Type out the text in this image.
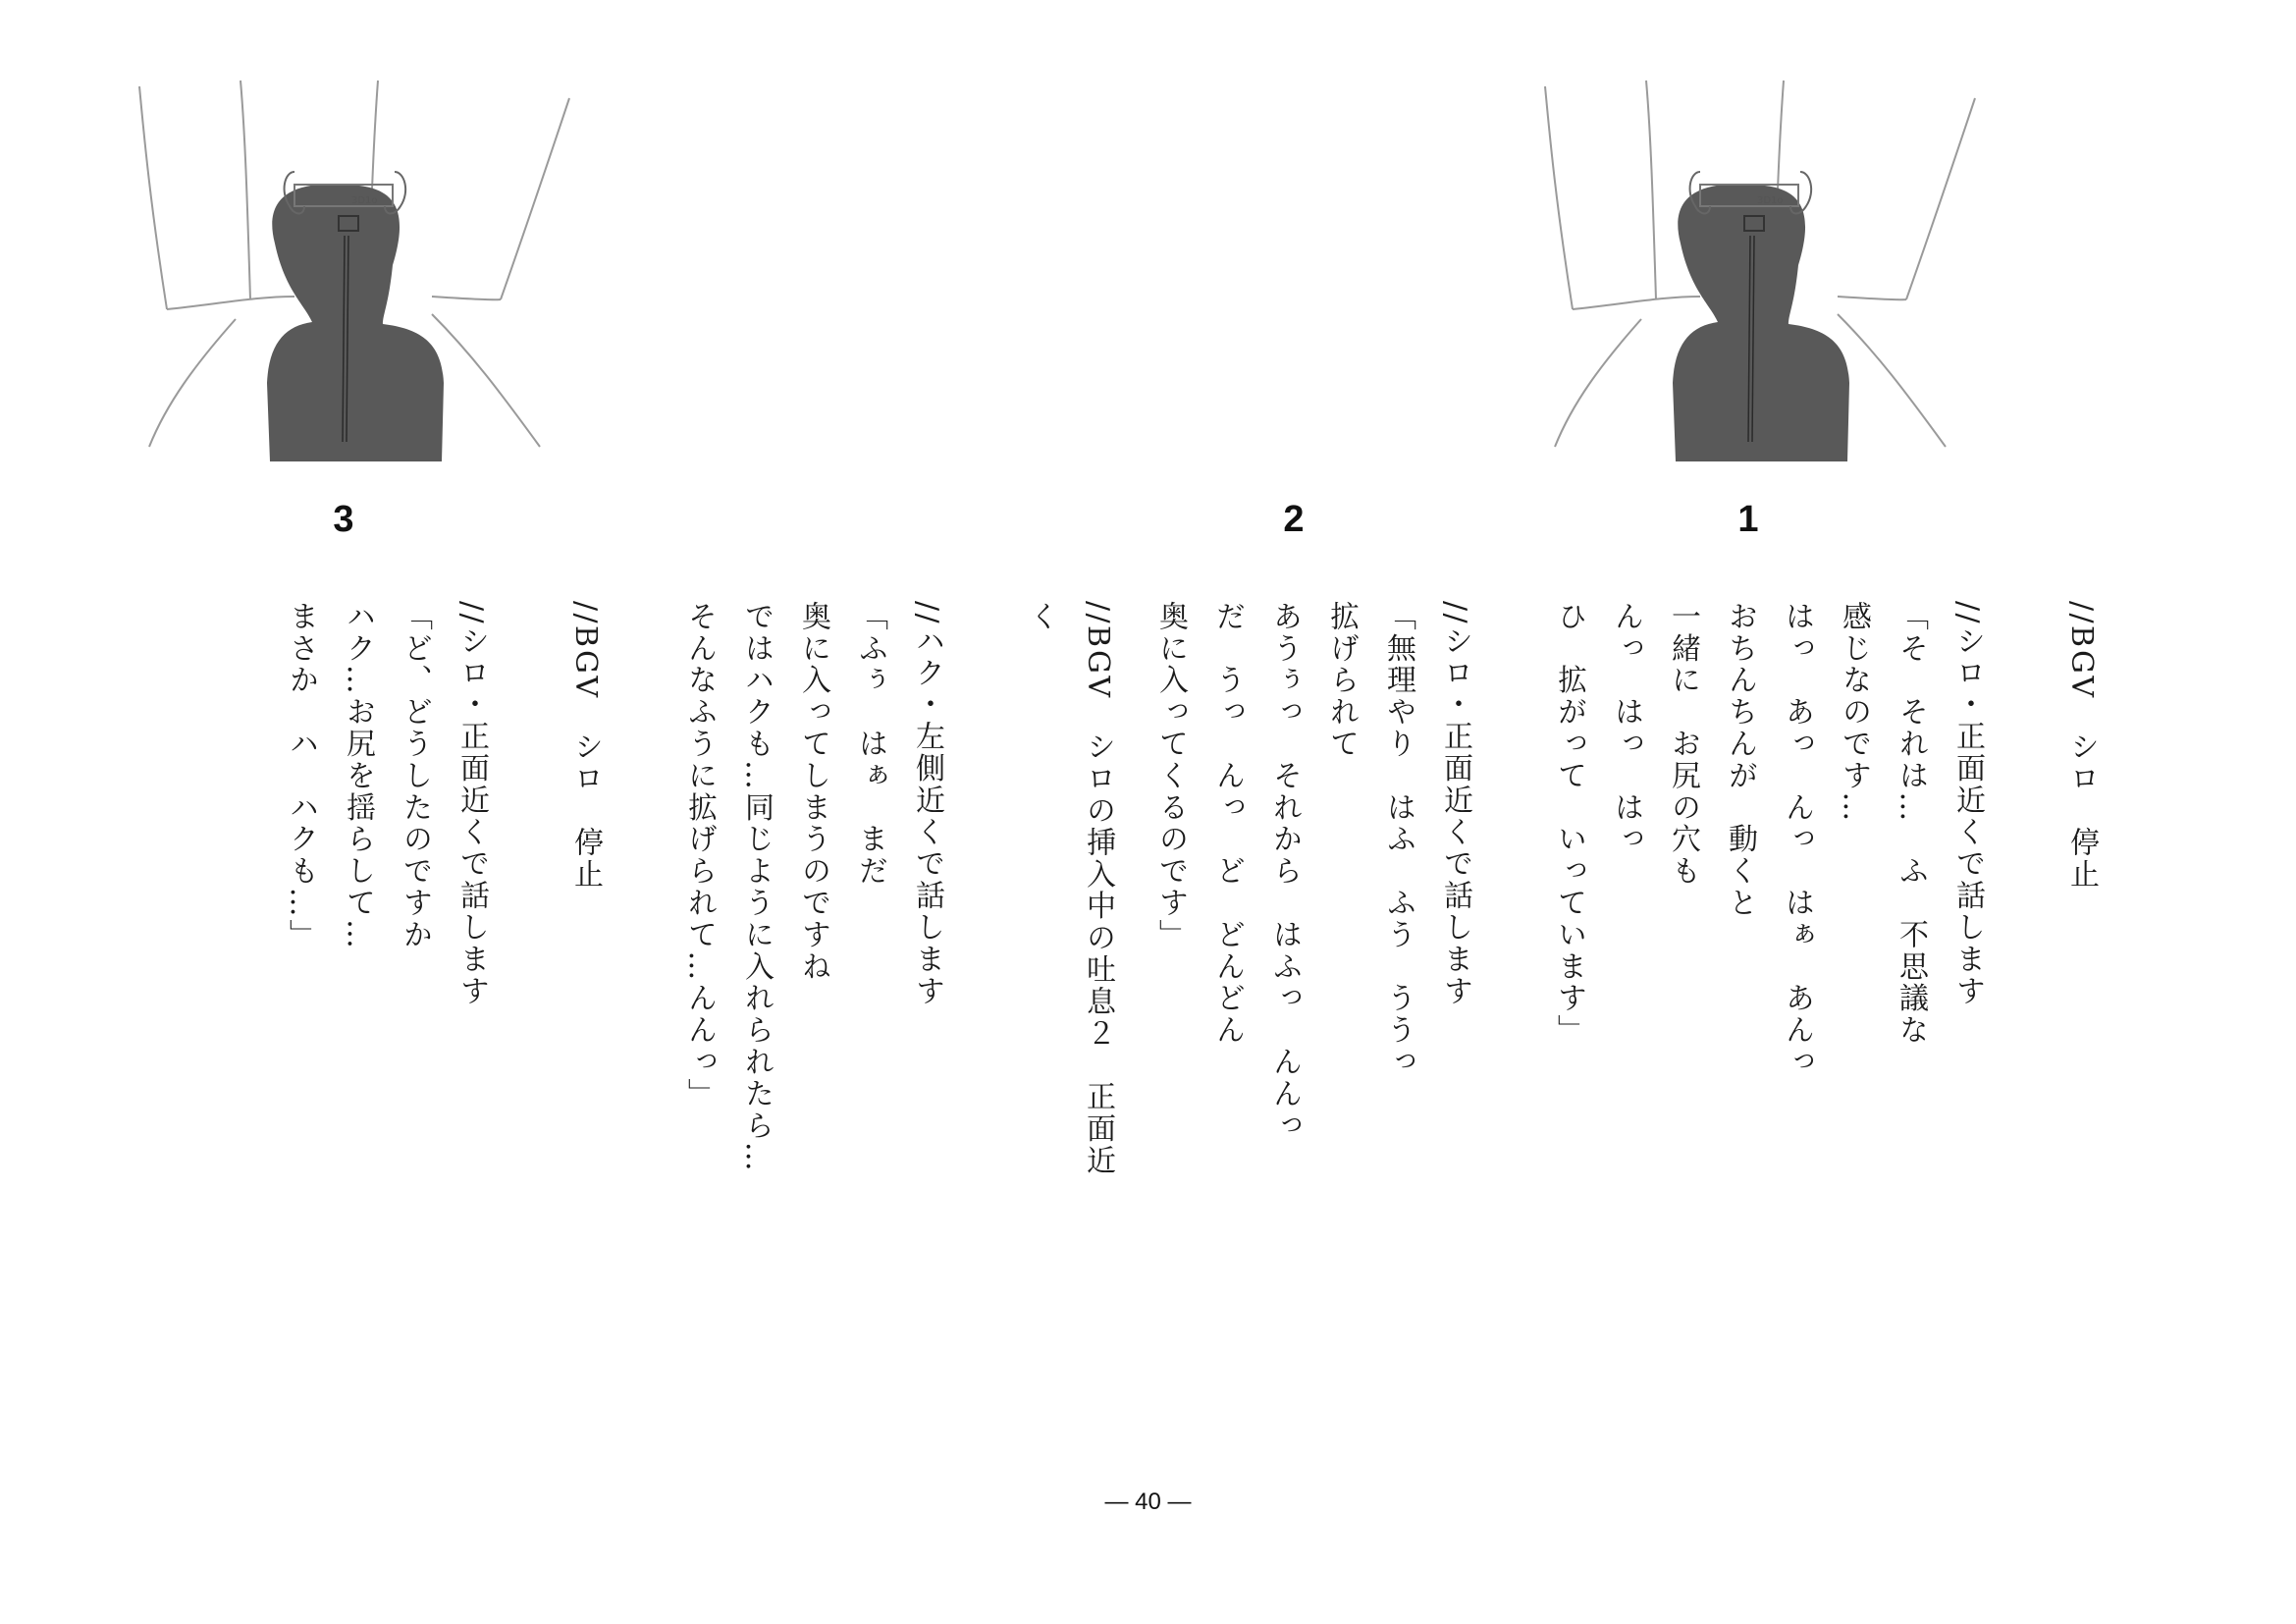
3D1o	3D1o
3	2	1
//BGV　シロ　停止
//シロ・正面近くで話します
「そ　それは…　ふ　不思議な
感じなのです…
はっ　あっ　んっ　はぁ　あんっ
おちんちんが　動くと
一緒に　お尻の穴も
んっ　はっ　はっ
ひ　拡がって　いっています」
//シロ・正面近くで話します
「無理やり　はふ　ふう　ううっ
拡げられて
あうぅっ　それから　はふっ　んんっ
だ　うっ　んっ　ど　どんどん
奥に入ってくるのです」
//BGV　シロの挿入中の吐息２　正面近
く
//ハク・左側近くで話します
「ふぅ　はぁ　まだ
奥に入ってしまうのですね
ではハクも…同じように入れられたら…
そんなふうに拡げられて…んんっ」
//BGV　シロ　停止
//シロ・正面近くで話します
「ど、どうしたのですか
ハク…お尻を揺らして…
まさか　ハ　ハクも…」
― 40 ―
